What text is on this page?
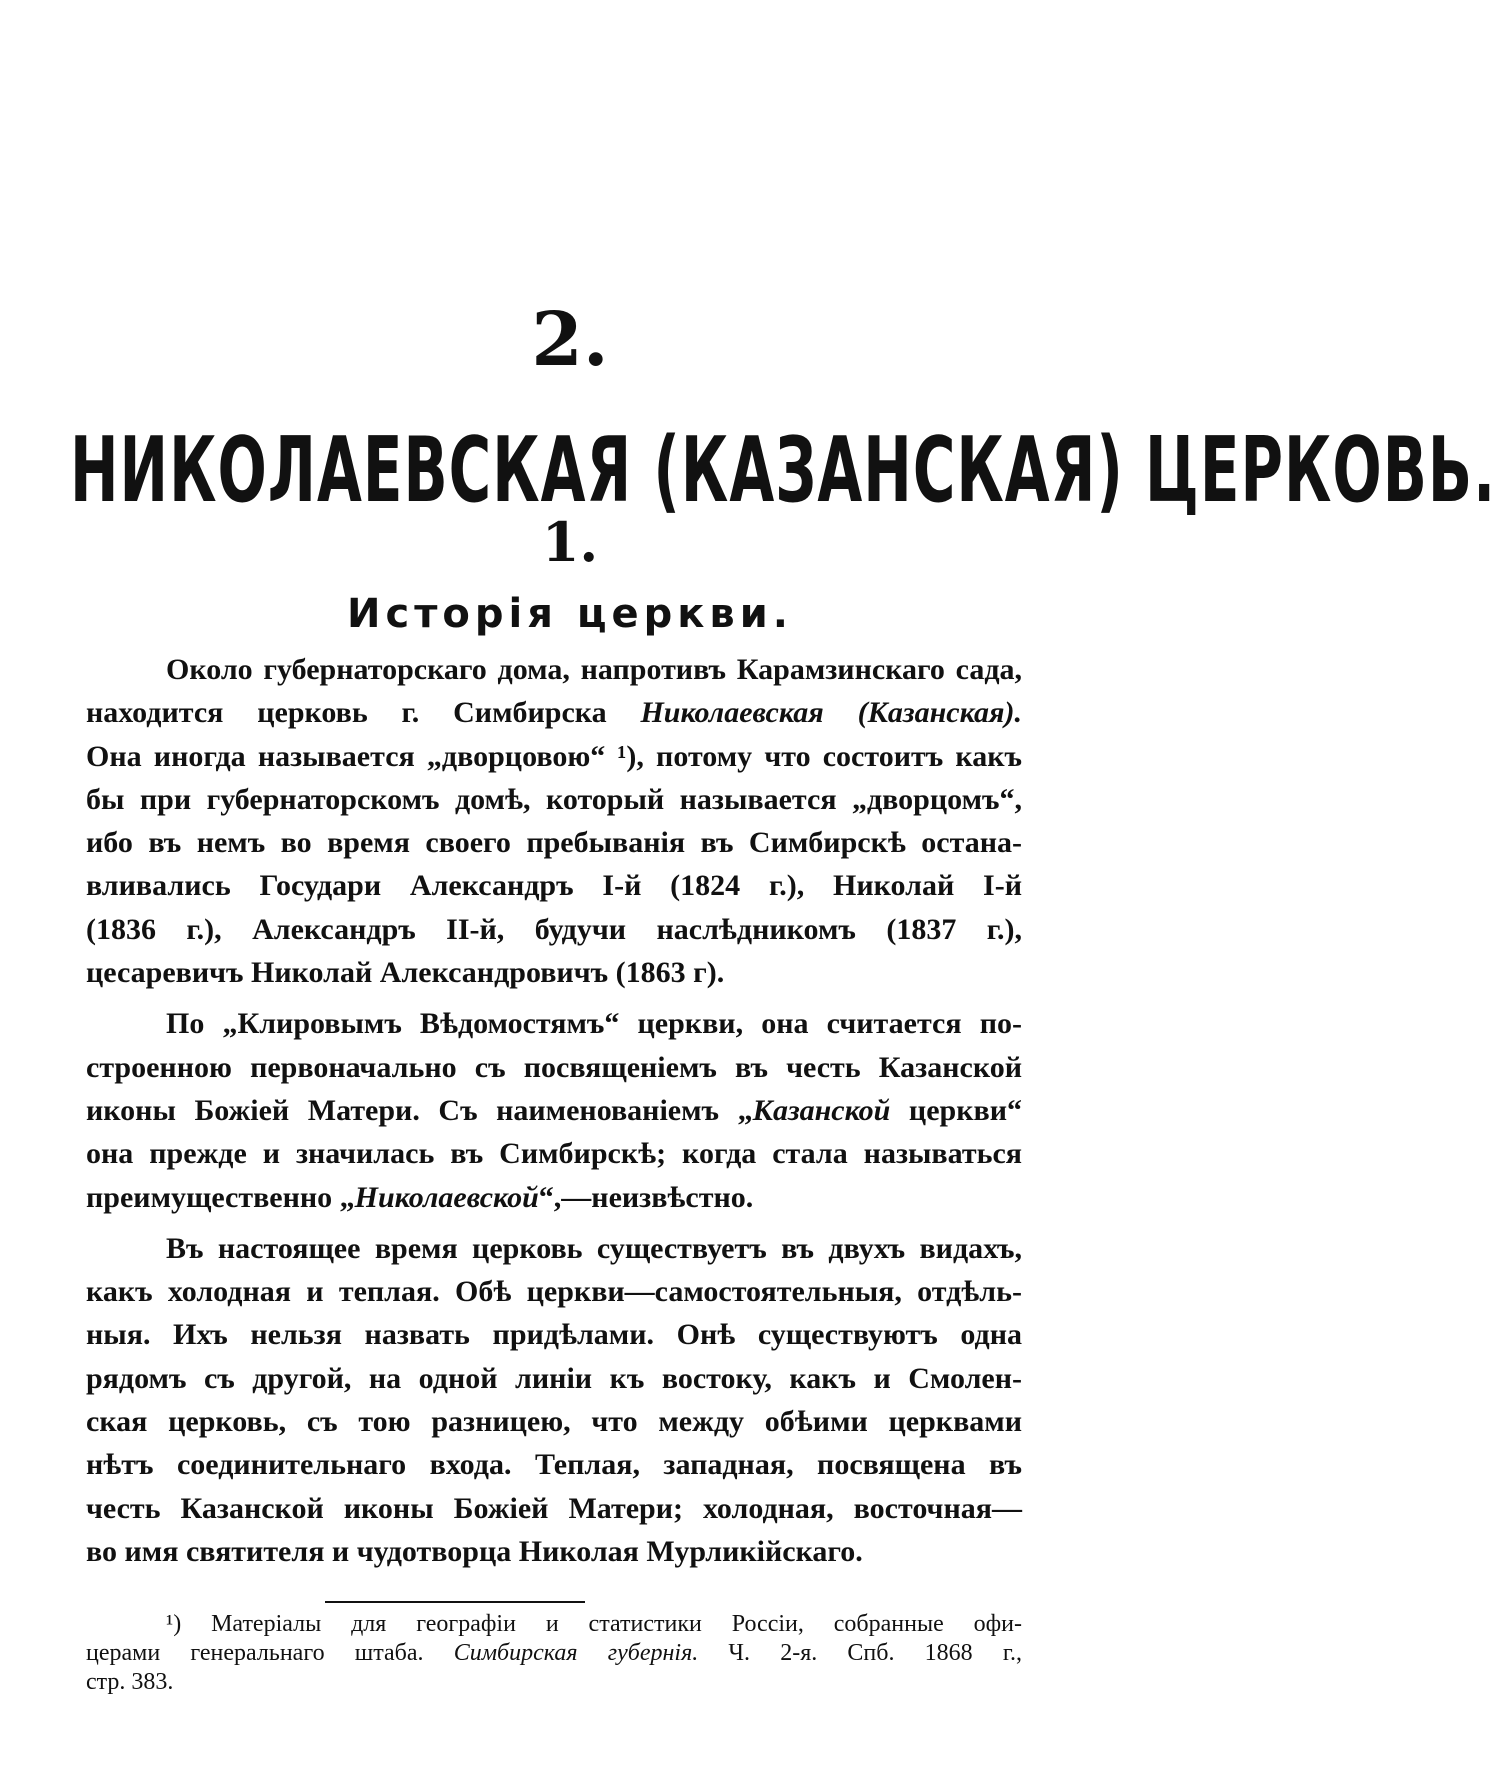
2.
НИКОЛАЕВСКАЯ (КАЗАНСКАЯ) ЦЕРКОВЬ.
1.
Исторія церкви.
Около губернаторскаго дома, напротивъ Карамзинскаго сада,
находится церковь г. Симбирска Николаевская (Казанская).
Она иногда называется „дворцовою“ ¹), потому что состоитъ какъ
бы при губернаторскомъ домѣ, который называется „дворцомъ“,
ибо въ немъ во время своего пребыванія въ Симбирскѣ остана-
вливались Государи Александръ I-й (1824 г.), Николай I-й
(1836 г.), Александръ II-й, будучи наслѣдникомъ (1837 г.),
цесаревичъ Николай Александровичъ (1863 г).
По „Клировымъ Вѣдомостямъ“ церкви, она считается по-
строенною первоначально съ посвященіемъ въ честь Казанской
иконы Божіей Матери. Съ наименованіемъ „Казанской церкви“
она прежде и значилась въ Симбирскѣ; когда стала называться
преимущественно „Николаевской“,—неизвѣстно.
Въ настоящее время церковь существуетъ въ двухъ видахъ,
какъ холодная и теплая. Обѣ церкви—самостоятельныя, отдѣль-
ныя. Ихъ нельзя назвать придѣлами. Онѣ существуютъ одна
рядомъ съ другой, на одной линіи къ востоку, какъ и Смолен-
ская церковь, съ тою разницею, что между обѣими церквами
нѣтъ соединительнаго входа. Теплая, западная, посвящена въ
честь Казанской иконы Божіей Матери; холодная, восточная—
во имя святителя и чудотворца Николая Мурликійскаго.
¹) Матеріалы для географіи и статистики Россіи, собранные офи-
церами генеральнаго штаба. Симбирская губернія. Ч. 2-я. Спб. 1868 г.,
стр. 383.
